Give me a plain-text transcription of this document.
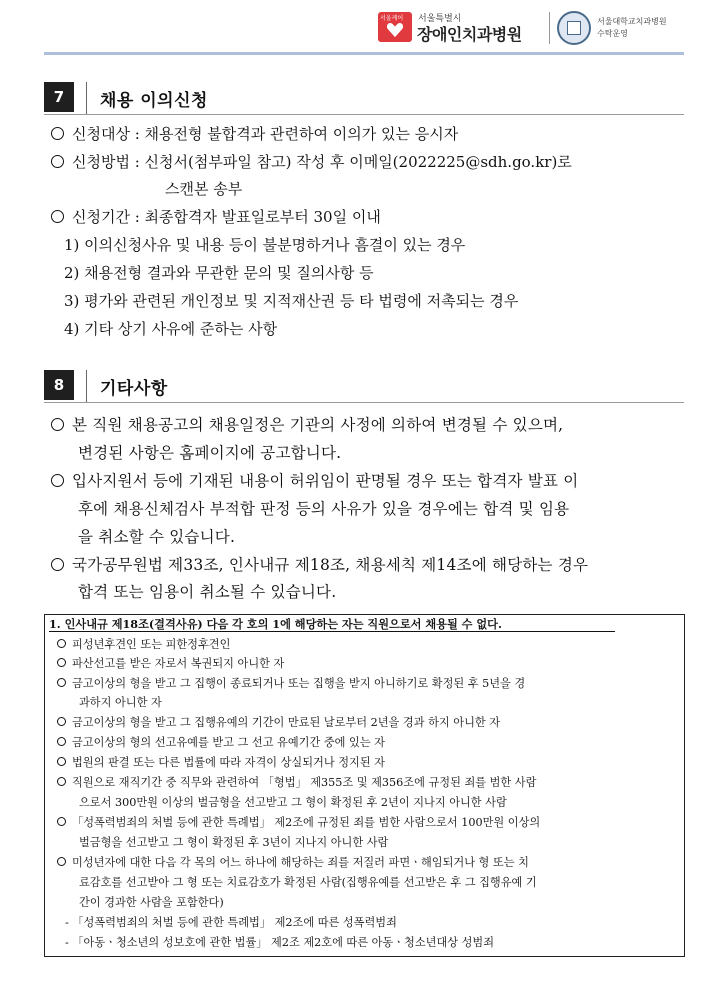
서울케어 서울특별시
장애인치과병원
서울대학교치과병원
수탁운영
7	채용 이의신청
신청대상 : 채용전형 불합격과 관련하여 이의가 있는 응시자
신청방법 : 신청서(첨부파일 참고) 작성 후 이메일(2022225@sdh.go.kr)로
스캔본 송부
신청기간 : 최종합격자 발표일로부터 30일 이내
1) 이의신청사유 및 내용 등이 불분명하거나 흠결이 있는 경우
2) 채용전형 결과와 무관한 문의 및 질의사항 등
3) 평가와 관련된 개인정보 및 지적재산권 등 타 법령에 저촉되는 경우
4) 기타 상기 사유에 준하는 사항
8	기타사항
본 직원 채용공고의 채용일정은 기관의 사정에 의하여 변경될 수 있으며,
변경된 사항은 홈페이지에 공고합니다.
입사지원서 등에 기재된 내용이 허위임이 판명될 경우 또는 합격자 발표 이
후에 채용신체검사 부적합 판정 등의 사유가 있을 경우에는 합격 및 임용
을 취소할 수 있습니다.
국가공무원법 제33조, 인사내규 제18조, 채용세칙 제14조에 해당하는 경우
합격 또는 임용이 취소될 수 있습니다.
1. 인사내규 제18조(결격사유) 다음 각 호의 1에 해당하는 자는 직원으로서 채용될 수 없다.
피성년후견인 또는 피한정후견인
파산선고를 받은 자로서 복권되지 아니한 자
금고이상의 형을 받고 그 집행이 종료되거나 또는 집행을 받지 아니하기로 확정된 후 5년을 경
과하지 아니한 자
금고이상의 형을 받고 그 집행유예의 기간이 만료된 날로부터 2년을 경과 하지 아니한 자
금고이상의 형의 선고유예를 받고 그 선고 유예기간 중에 있는 자
법원의 판결 또는 다른 법률에 따라 자격이 상실되거나 정지된 자
직원으로 재직기간 중 직무와 관련하여 「형법」 제355조 및 제356조에 규정된 죄를 범한 사람
으로서 300만원 이상의 벌금형을 선고받고 그 형이 확정된 후 2년이 지나지 아니한 사람
「성폭력범죄의 처벌 등에 관한 특례법」 제2조에 규정된 죄를 범한 사람으로서 100만원 이상의
벌금형을 선고받고 그 형이 확정된 후 3년이 지나지 아니한 사람
미성년자에 대한 다음 각 목의 어느 하나에 해당하는 죄를 저질러 파면ㆍ해임되거나 형 또는 치
료감호를 선고받아 그 형 또는 치료감호가 확정된 사람(집행유예를 선고받은 후 그 집행유예 기
간이 경과한 사람을 포함한다)
- 「성폭력범죄의 처벌 등에 관한 특례법」 제2조에 따른 성폭력범죄
- 「아동ㆍ청소년의 성보호에 관한 법률」 제2조 제2호에 따른 아동ㆍ청소년대상 성범죄
